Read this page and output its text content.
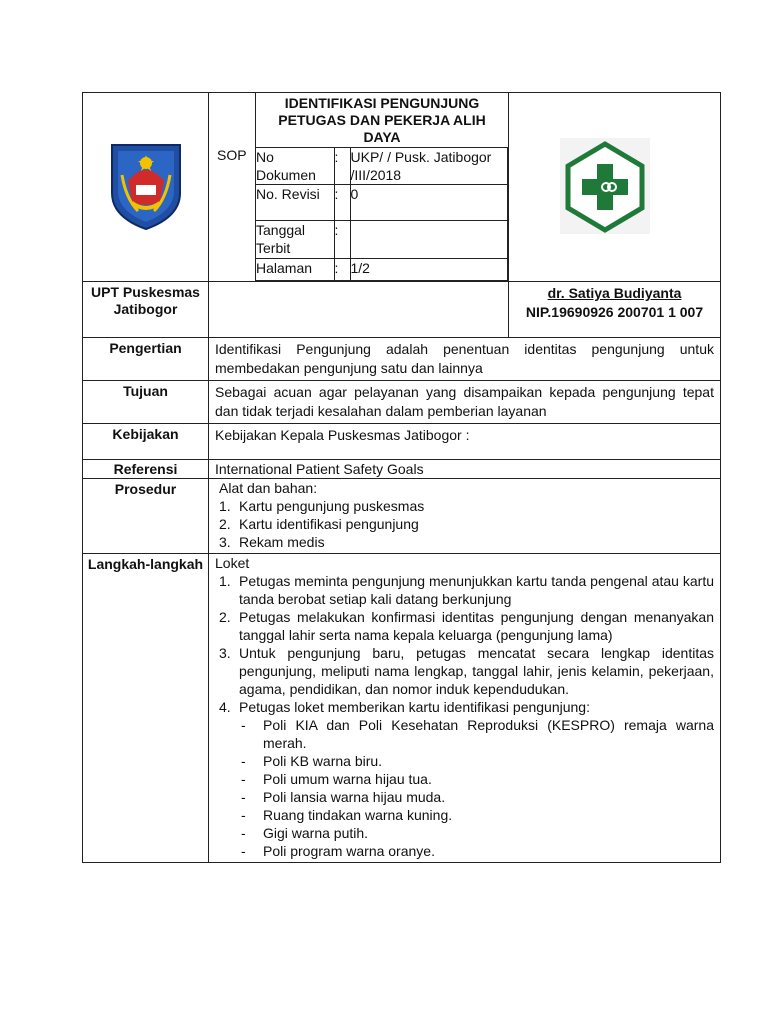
SOP
IDENTIFIKASI PENGUNJUNG PETUGAS DAN PEKERJA ALIH DAYA
No Dokumen	:	UKP/ / Pusk. Jatibogor /III/2018
No. Revisi	:	0
Tanggal Terbit	:	
Halaman	:	1/2

UPT Puskesmas Jatibogor		
dr. Satiya Budiyanta
NIP.19690926 200701 1 007

Pengertian	Identifikasi Pengunjung adalah penentuan identitas pengunjung untuk membedakan pengunjung satu dan lainnya
Tujuan	Sebagai acuan agar pelayanan yang disampaikan kepada pengunjung tepat dan tidak terjadi kesalahan dalam pemberian layanan
Kebijakan	Kebijakan Kepala Puskesmas Jatibogor :
Referensi	International Patient Safety Goals
Prosedur	Alat dan bahan:
1. Kartu pengunjung puskesmas
2. Kartu identifikasi pengunjung
3. Rekam medis

Langkah-langkah	Loket
1. Petugas meminta pengunjung menunjukkan kartu tanda pengenal atau kartu tanda berobat setiap kali datang berkunjung
2. Petugas melakukan konfirmasi identitas pengunjung dengan menanyakan tanggal lahir serta nama kepala keluarga (pengunjung lama)
3. Untuk pengunjung baru, petugas mencatat secara lengkap identitas pengunjung, meliputi nama lengkap, tanggal lahir, jenis kelamin, pekerjaan, agama, pendidikan, dan nomor induk kependudukan.
4. Petugas loket memberikan kartu identifikasi pengunjung:
-	Poli KIA dan Poli Kesehatan Reproduksi (KESPRO) remaja warna merah.
-	Poli KB warna biru.
-	Poli umum warna hijau tua.
-	Poli lansia warna hijau muda.
-	Ruang tindakan warna kuning.
-	Gigi warna putih.
-	Poli program warna oranye.
